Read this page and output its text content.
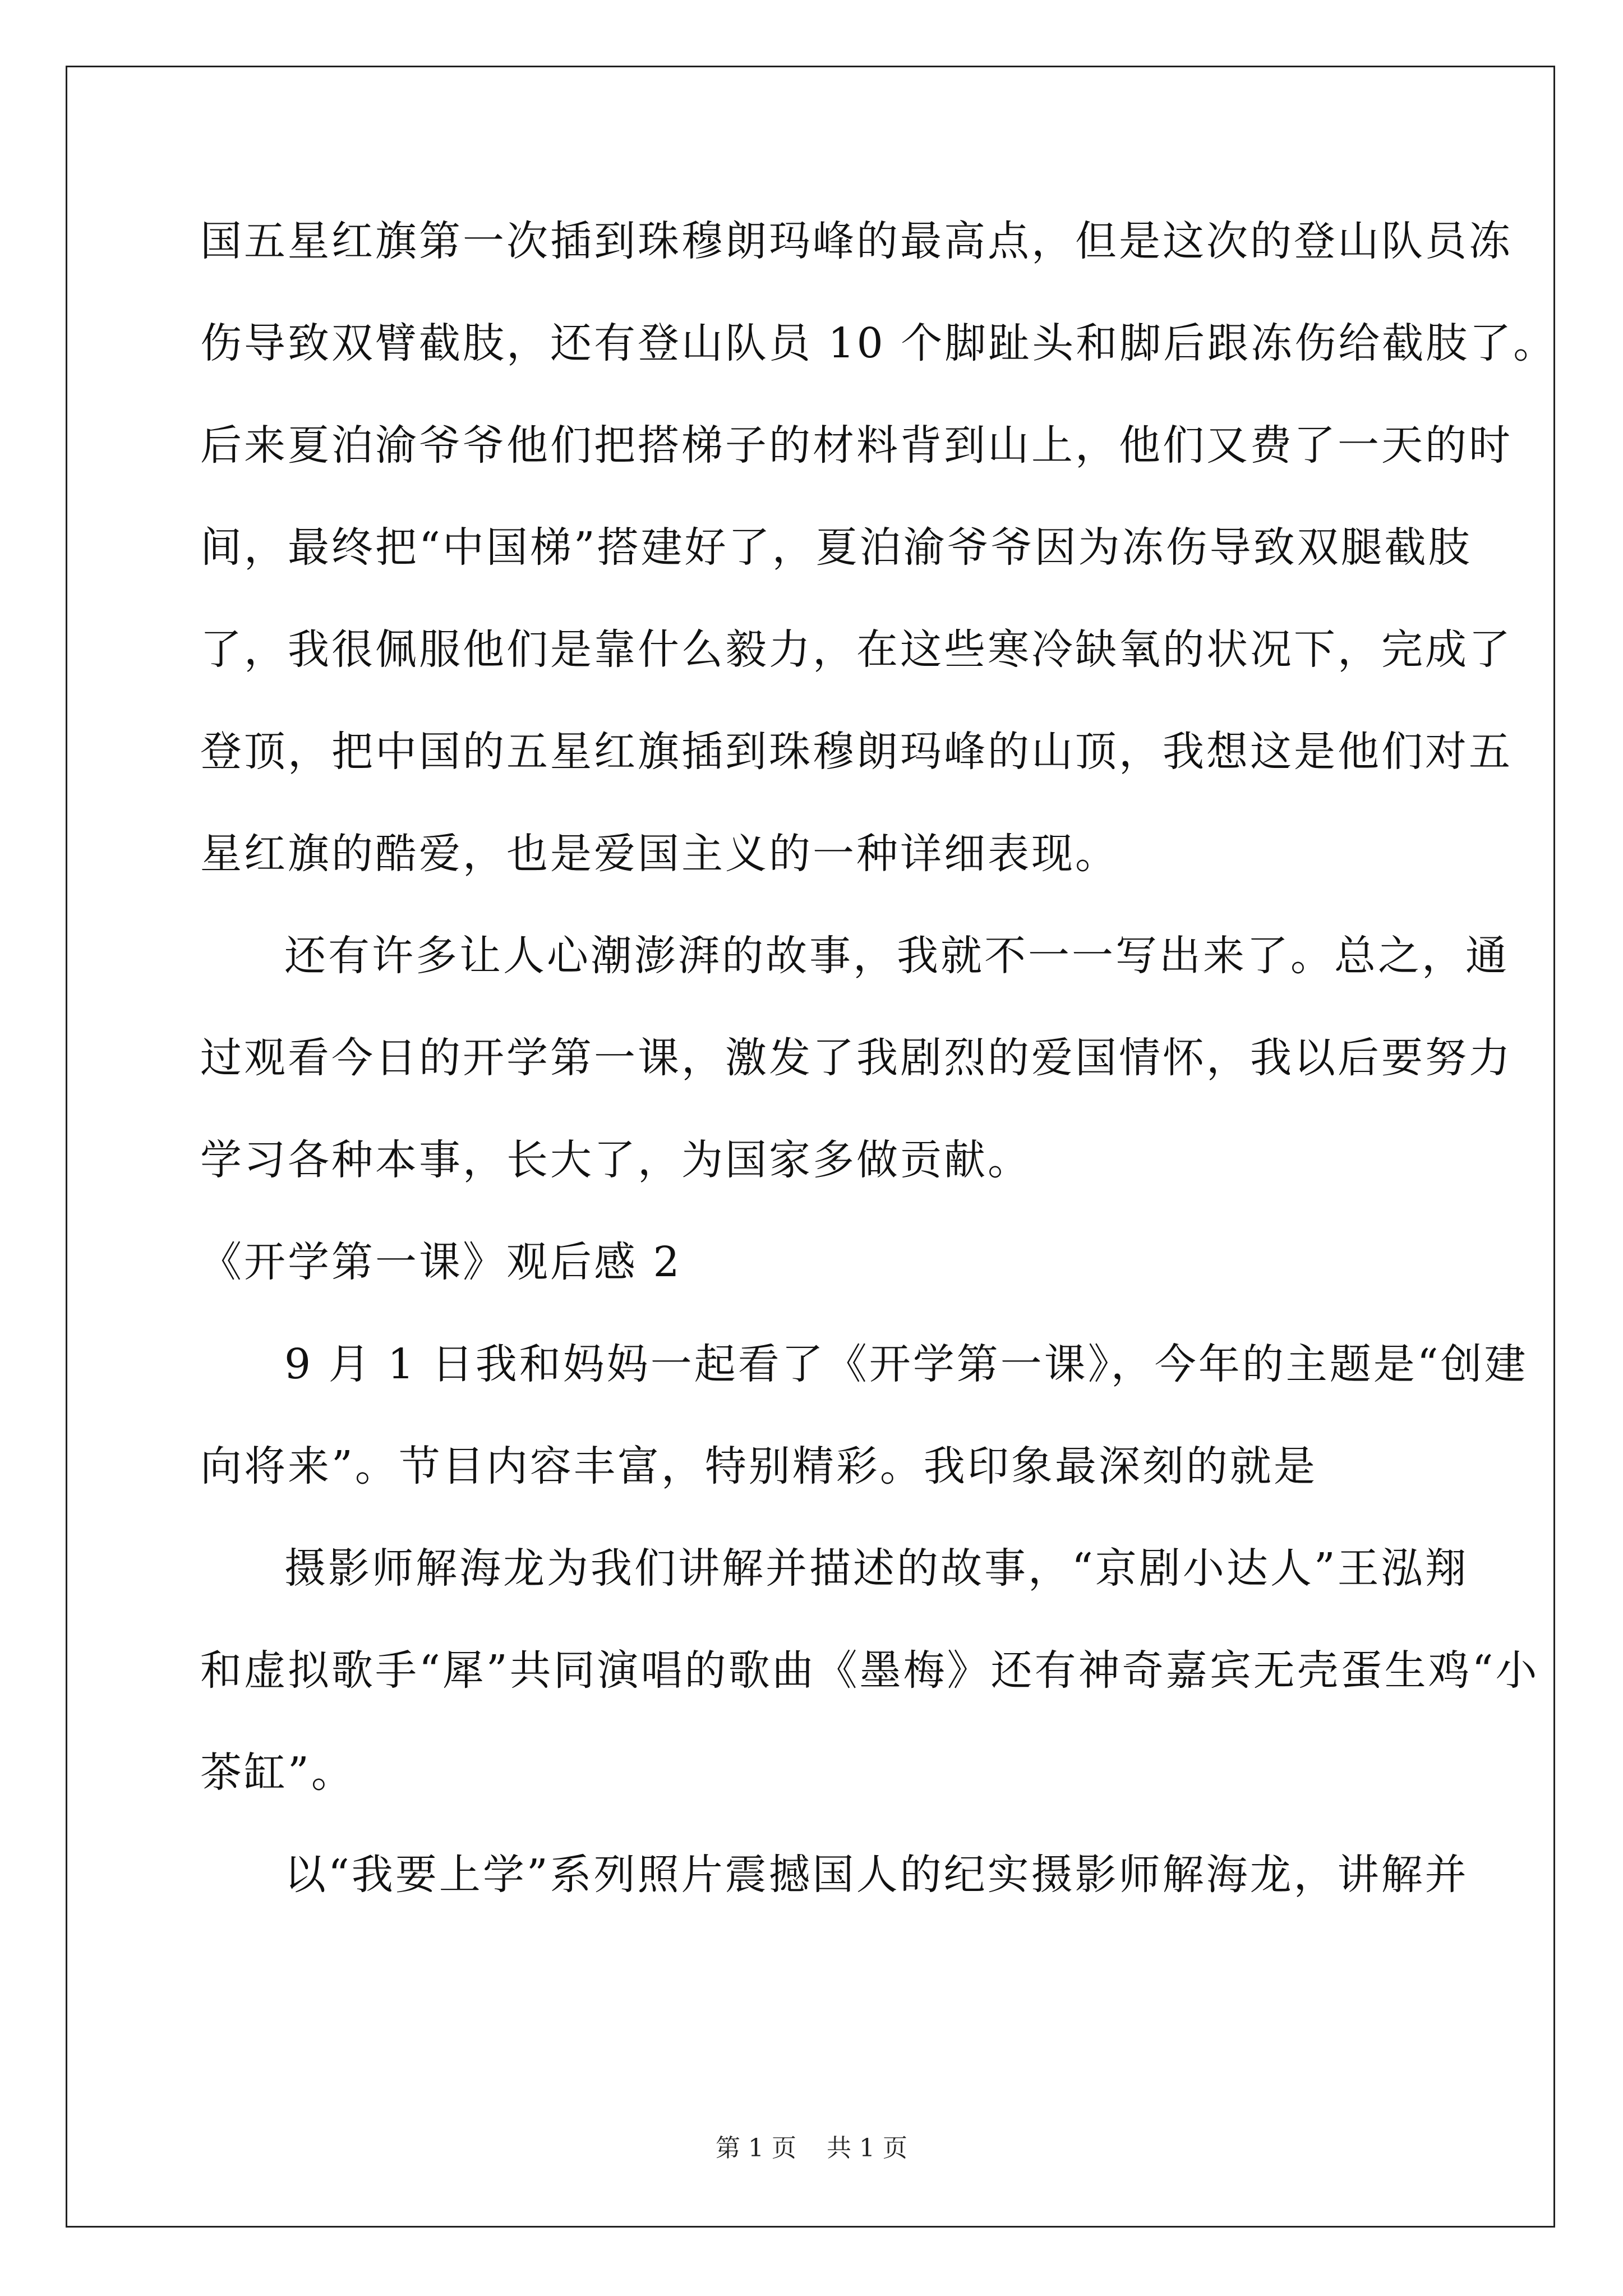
国五星红旗第一次插到珠穆朗玛峰的最高点，但是这次的登山队员冻
伤导致双臂截肢，还有登山队员 10 个脚趾头和脚后跟冻伤给截肢了。
后来夏泊渝爷爷他们把搭梯子的材料背到山上，他们又费了一天的时
间，最终把“中国梯”搭建好了，夏泊渝爷爷因为冻伤导致双腿截肢
了，我很佩服他们是靠什么毅力，在这些寒冷缺氧的状况下，完成了
登顶，把中国的五星红旗插到珠穆朗玛峰的山顶，我想这是他们对五
星红旗的酷爱，也是爱国主义的一种详细表现。
还有许多让人心潮澎湃的故事，我就不一一写出来了。总之，通
过观看今日的开学第一课，激发了我剧烈的爱国情怀，我以后要努力
学习各种本事，长大了，为国家多做贡献。
《开学第一课》观后感 2
9 月 1 日我和妈妈一起看了《开学第一课》，今年的主题是“创建
向将来”。节目内容丰富，特别精彩。我印象最深刻的就是
摄影师解海龙为我们讲解并描述的故事，“京剧小达人”王泓翔
和虚拟歌手“犀”共同演唱的歌曲《墨梅》还有神奇嘉宾无壳蛋生鸡“小
茶缸”。
以“我要上学”系列照片震撼国人的纪实摄影师解海龙，讲解并
第 1 页 共 1 页
